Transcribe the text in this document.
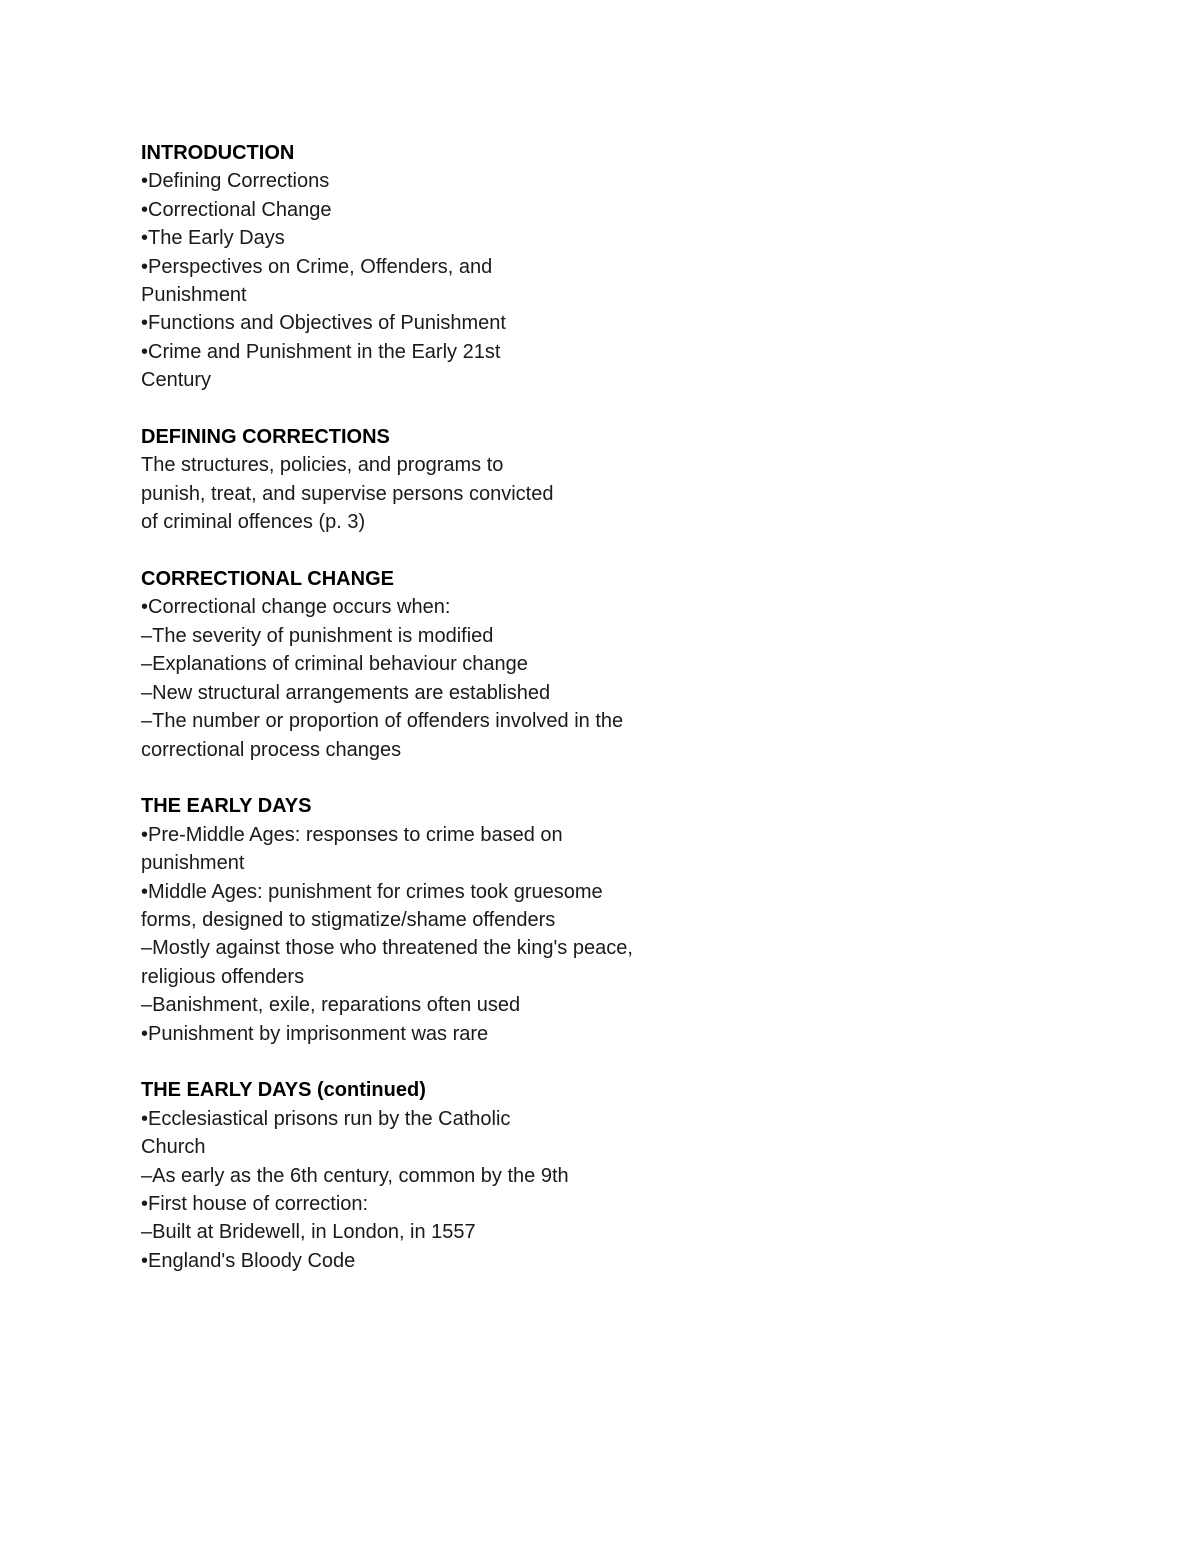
INTRODUCTION
•Defining Corrections
•Correctional Change
•The Early Days
•Perspectives on Crime, Offenders, and
Punishment
•Functions and Objectives of Punishment
•Crime and Punishment in the Early 21st
Century
DEFINING CORRECTIONS
The structures, policies, and programs to
punish, treat, and supervise persons convicted
of criminal offences (p. 3)
CORRECTIONAL CHANGE
•Correctional change occurs when:
–The severity of punishment is modified
–Explanations of criminal behaviour change
–New structural arrangements are established
–The number or proportion of offenders involved in the
correctional process changes
THE EARLY DAYS
•Pre-Middle Ages: responses to crime based on
punishment
•Middle Ages: punishment for crimes took gruesome
forms, designed to stigmatize/shame offenders
–Mostly against those who threatened the king's peace,
religious offenders
–Banishment, exile, reparations often used
•Punishment by imprisonment was rare
THE EARLY DAYS (continued)
•Ecclesiastical prisons run by the Catholic
Church
–As early as the 6th century, common by the 9th
•First house of correction:
–Built at Bridewell, in London, in 1557
•England's Bloody Code
